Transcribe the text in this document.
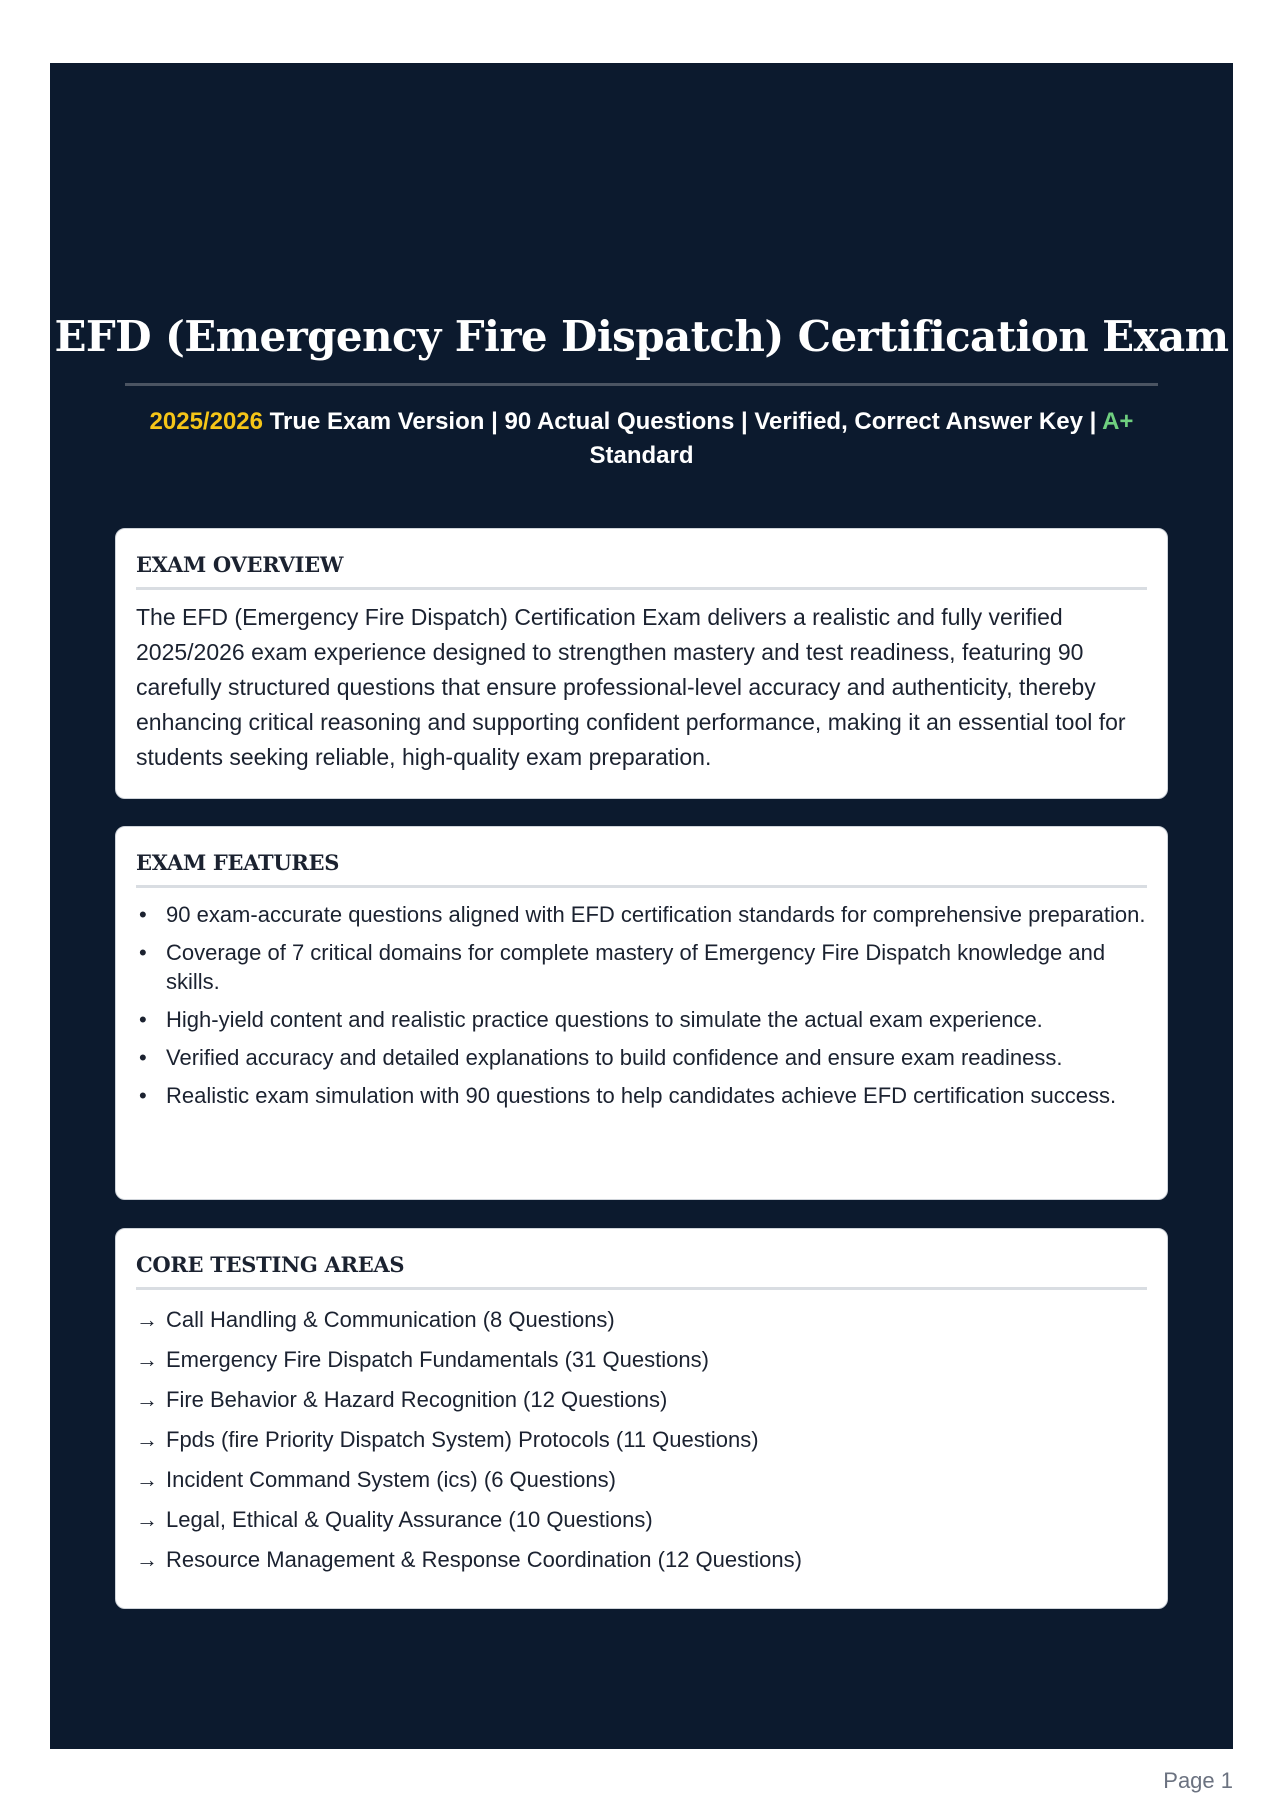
EFD (Emergency Fire Dispatch) Certification Exam
2025/2026 True Exam Version | 90 Actual Questions | Verified, Correct Answer Key | A+ Standard
EXAM OVERVIEW

The EFD (Emergency Fire Dispatch) Certification Exam delivers a realistic and fully verified 2025/2026 exam experience designed to strengthen mastery and test readiness, featuring 90 carefully structured questions that ensure professional-level accuracy and authenticity, thereby enhancing critical reasoning and supporting confident performance, making it an essential tool for students seeking reliable, high-quality exam preparation.

EXAM FEATURES
• 90 exam-accurate questions aligned with EFD certification standards for comprehensive preparation.
• Coverage of 7 critical domains for complete mastery of Emergency Fire Dispatch knowledge and skills.
• High-yield content and realistic practice questions to simulate the actual exam experience.
• Verified accuracy and detailed explanations to build confidence and ensure exam readiness.
• Realistic exam simulation with 90 questions to help candidates achieve EFD certification success.
CORE TESTING AREAS
→ Call Handling & Communication (8 Questions)
→ Emergency Fire Dispatch Fundamentals (31 Questions)
→ Fire Behavior & Hazard Recognition (12 Questions)
→ Fpds (fire Priority Dispatch System) Protocols (11 Questions)
→ Incident Command System (ics) (6 Questions)
→ Legal, Ethical & Quality Assurance (10 Questions)
→ Resource Management & Response Coordination (12 Questions)
Page 1
